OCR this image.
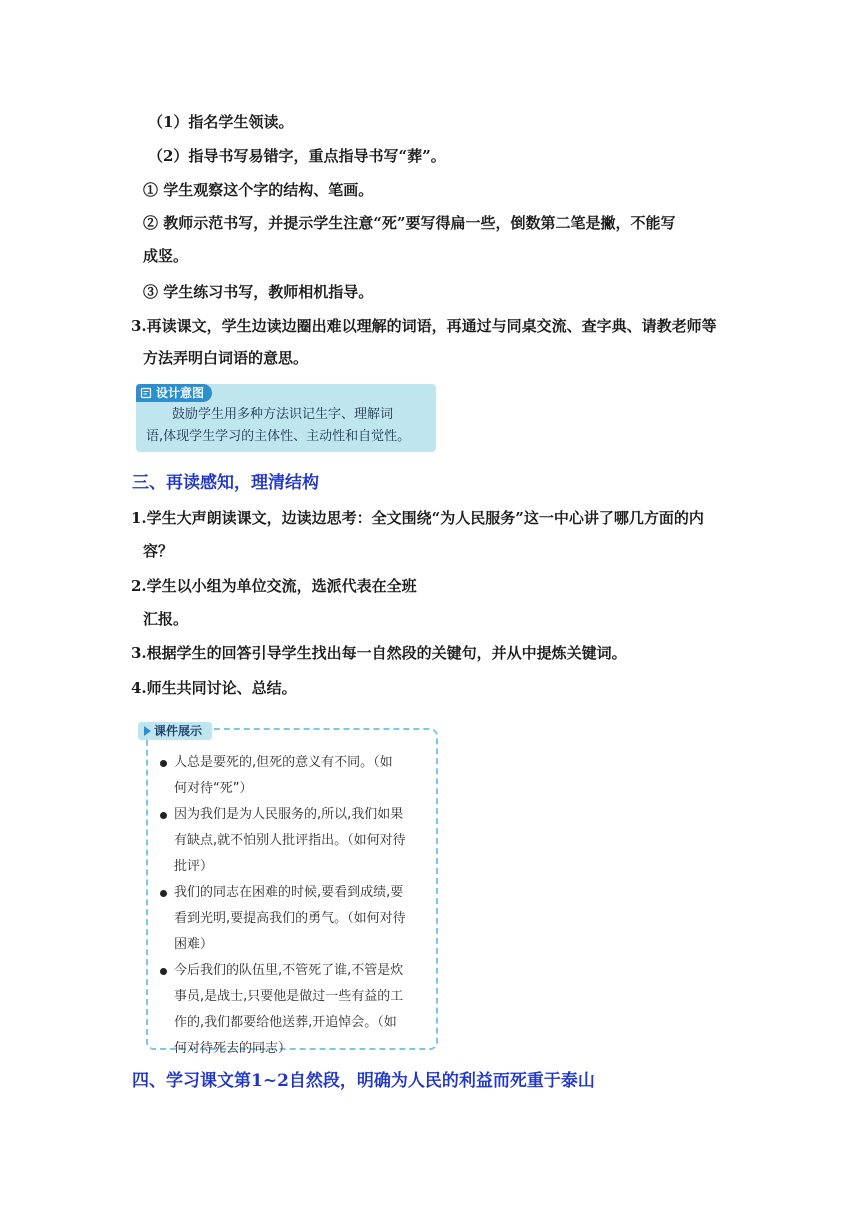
（1）指名学生领读。
（2）指导书写易错字，重点指导书写“葬”。
① 学生观察这个字的结构、笔画。
② 教师示范书写，并提示学生注意“死”要写得扁一些，倒数第二笔是撇，不能写
成竖。
③ 学生练习书写，教师相机指导。
3.再读课文，学生边读边圈出难以理解的词语，再通过与同桌交流、查字典、请教老师等
方法弄明白词语的意思。
设计意图
鼓励学生用多种方法识记生字、理解词
语,体现学生学习的主体性、主动性和自觉性。
三、再读感知，理清结构
1.学生大声朗读课文，边读边思考：全文围绕“为人民服务”这一中心讲了哪几方面的内
容？
2.学生以小组为单位交流，选派代表在全班
汇报。
3.根据学生的回答引导学生找出每一自然段的关键句，并从中提炼关键词。
4.师生共同讨论、总结。
课件展示
人总是要死的,但死的意义有不同。（如
何对待“死”）
因为我们是为人民服务的,所以,我们如果
有缺点,就不怕别人批评指出。（如何对待
批评）
我们的同志在困难的时候,要看到成绩,要
看到光明,要提高我们的勇气。（如何对待
困难）
今后我们的队伍里,不管死了谁,不管是炊
事员,是战士,只要他是做过一些有益的工
作的,我们都要给他送葬,开追悼会。（如
何对待死去的同志）
四、学习课文第1~2自然段，明确为人民的利益而死重于泰山
